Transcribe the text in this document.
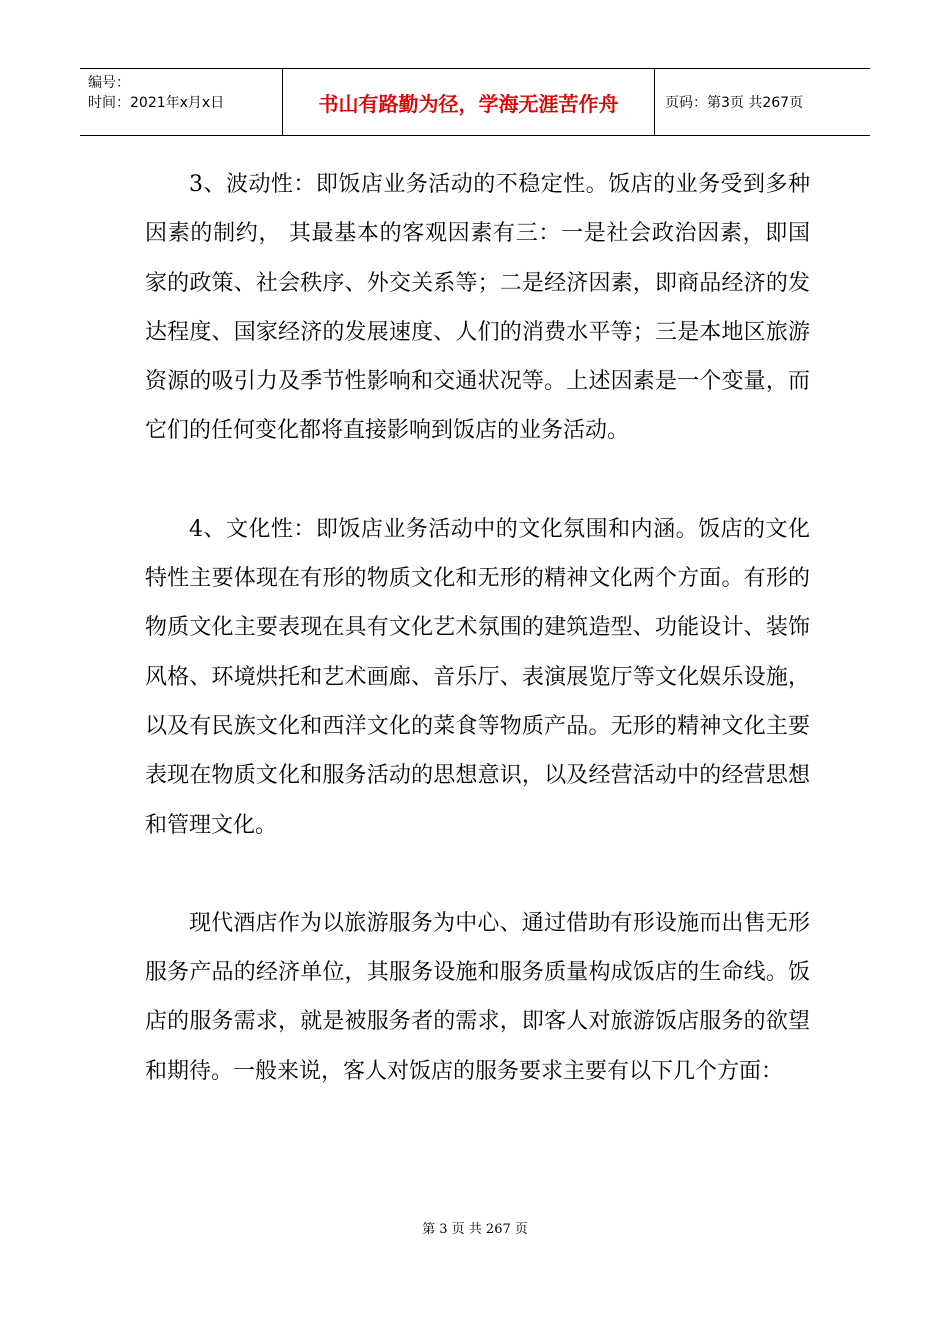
编号：
时间：2021年x月x日	书山有路勤为径，学海无涯苦作舟	页码：第3页 共267页

3、波动性：即饭店业务活动的不稳定性。饭店的业务受到多种因素的制约， 其最基本的客观因素有三：一是社会政治因素，即国家的政策、社会秩序、外交关系等；二是经济因素，即商品经济的发达程度、国家经济的发展速度、人们的消费水平等；三是本地区旅游资源的吸引力及季节性影响和交通状况等。上述因素是一个变量，而它们的任何变化都将直接影响到饭店的业务活动。

4、文化性：即饭店业务活动中的文化氛围和内涵。饭店的文化特性主要体现在有形的物质文化和无形的精神文化两个方面。有形的物质文化主要表现在具有文化艺术氛围的建筑造型、功能设计、装饰风格、环境烘托和艺术画廊、音乐厅、表演展览厅等文化娱乐设施，以及有民族文化和西洋文化的菜食等物质产品。无形的精神文化主要表现在物质文化和服务活动的思想意识，以及经营活动中的经营思想和管理文化。

现代酒店作为以旅游服务为中心、通过借助有形设施而出售无形服务产品的经济单位，其服务设施和服务质量构成饭店的生命线。饭店的服务需求，就是被服务者的需求，即客人对旅游饭店服务的欲望和期待。一般来说，客人对饭店的服务要求主要有以下几个方面：

第 3 页 共 267 页
